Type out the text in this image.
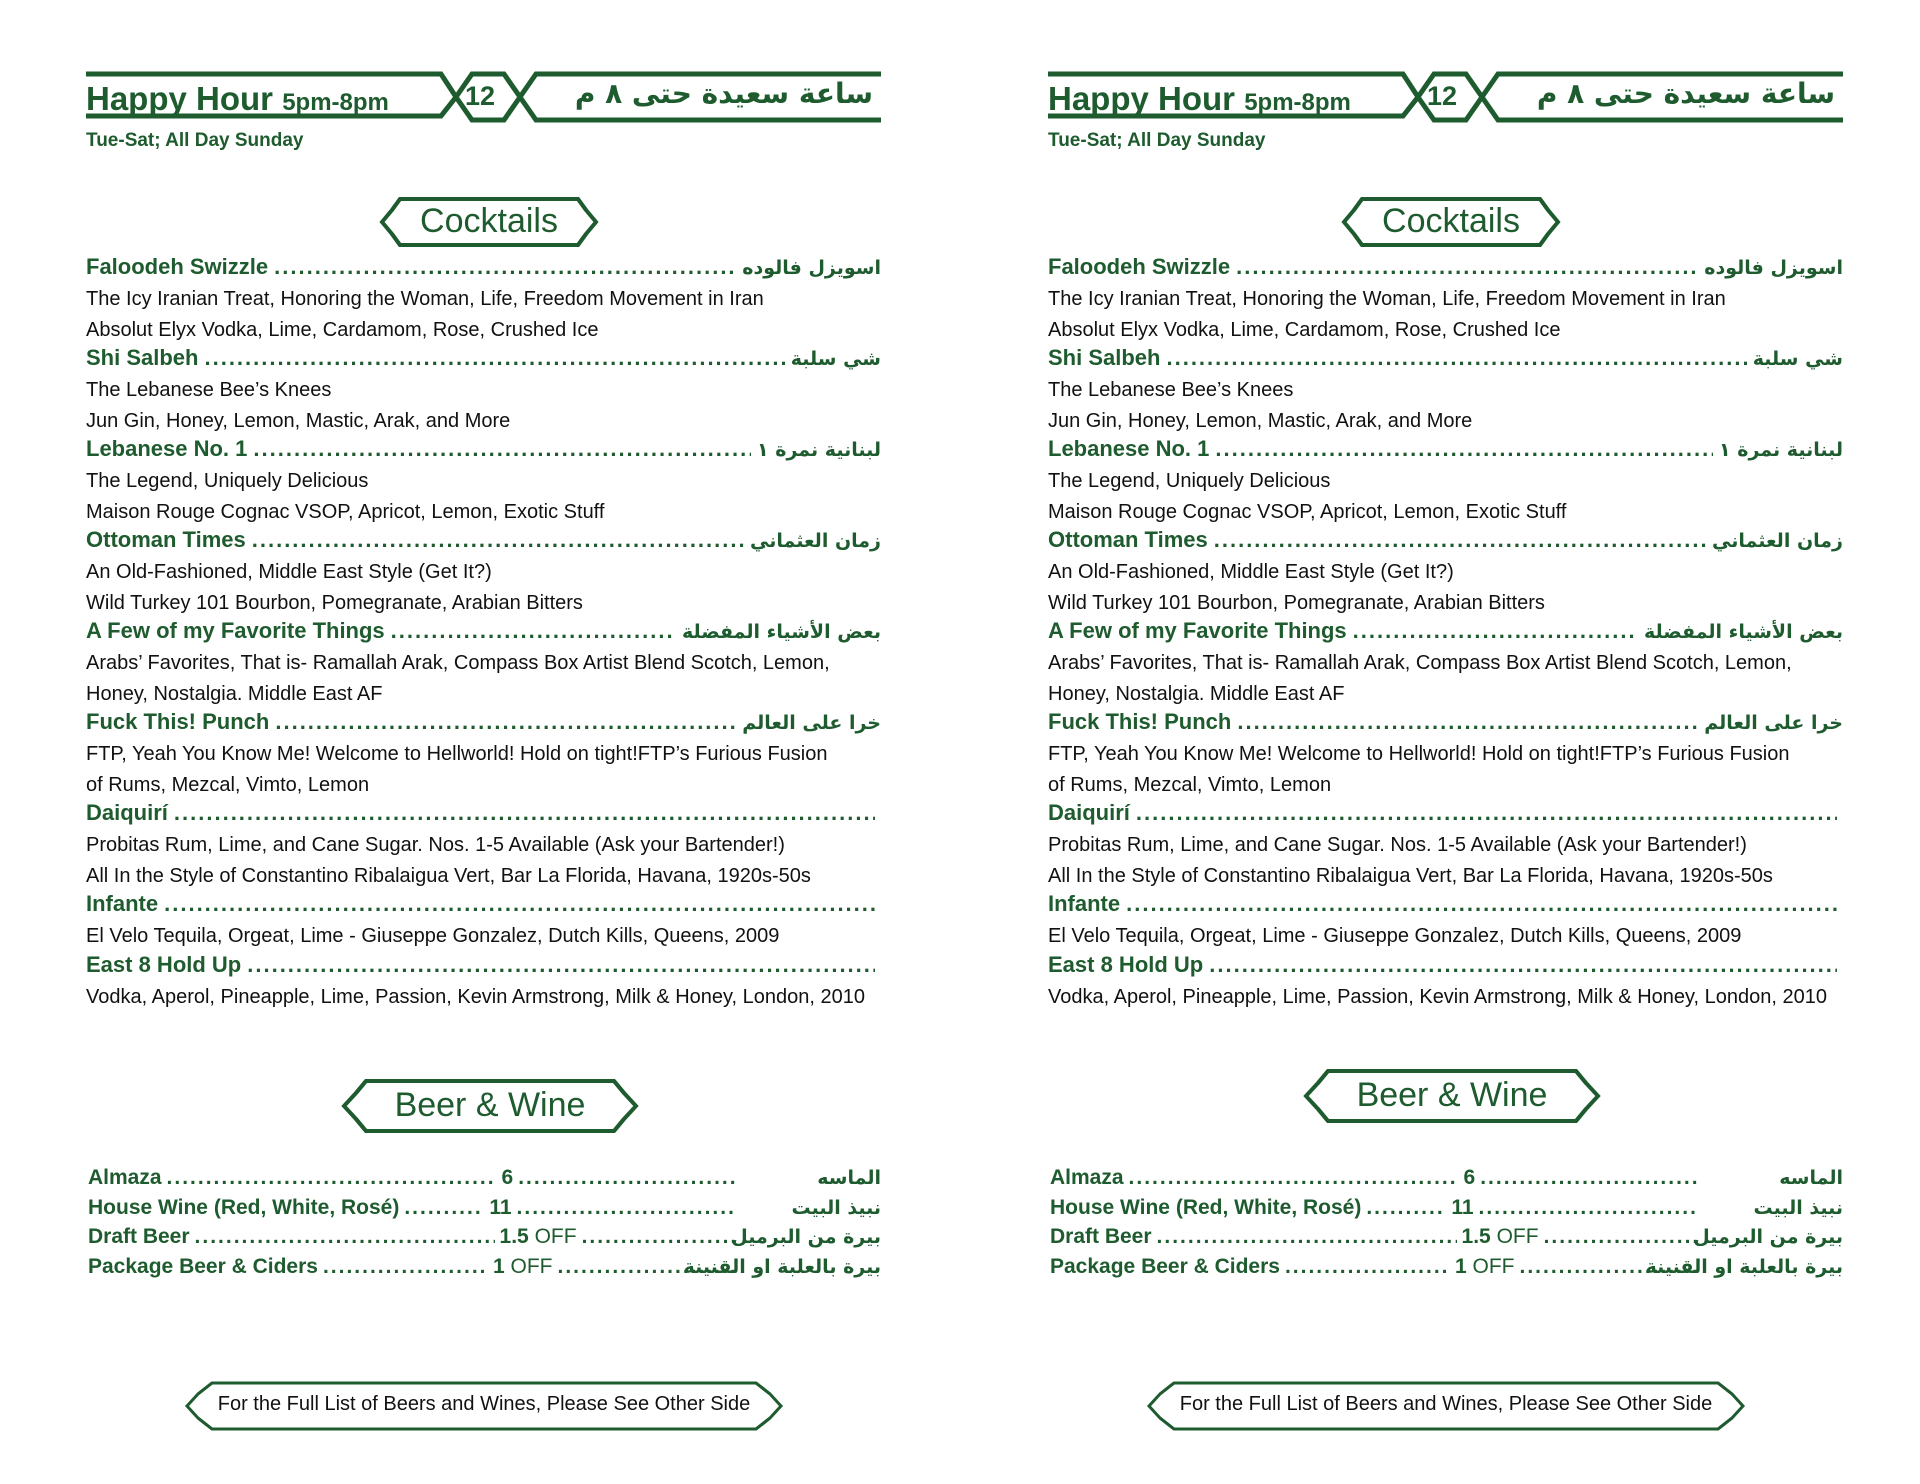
Happy Hour 5pm-8pm	12	ساعة سعيدة حتى ٨ م
Tue-Sat; All Day Sunday
Cocktails
Faloodeh Swizzle .....	اسويزل فالوده
The Icy Iranian Treat, Honoring the Woman, Life, Freedom Movement in Iran
Absolut Elyx Vodka, Lime, Cardamom, Rose, Crushed Ice
Shi Salbeh .....	شي سلبة
The Lebanese Bee’s Knees
Jun Gin, Honey, Lemon, Mastic, Arak, and More
Lebanese No. 1 .....	لبنانية نمرة ١
The Legend, Uniquely Delicious
Maison Rouge Cognac VSOP, Apricot, Lemon, Exotic Stuff
Ottoman Times .....	زمان العثماني
An Old-Fashioned, Middle East Style (Get It?)
Wild Turkey 101 Bourbon, Pomegranate, Arabian Bitters
A Few of my Favorite Things .....	بعض الأشياء المفضلة
Arabs’ Favorites, That is- Ramallah Arak, Compass Box Artist Blend Scotch, Lemon,
Honey, Nostalgia. Middle East AF
Fuck This! Punch .....	خرا على العالم
FTP, Yeah You Know Me! Welcome to Hellworld! Hold on tight!FTP’s Furious Fusion
of Rums, Mezcal, Vimto, Lemon
Daiquirí
.....
Probitas Rum, Lime, and Cane Sugar. Nos. 1-5 Available (Ask your Bartender!)
All In the Style of Constantino Ribalaigua Vert, Bar La Florida, Havana, 1920s-50s
Infante
.....
El Velo Tequila, Orgeat, Lime - Giuseppe Gonzalez, Dutch Kills, Queens, 2009
East 8 Hold Up
.....
Vodka, Aperol, Pineapple, Lime, Passion, Kevin Armstrong, Milk & Honey, London, 2010
Beer & Wine
Almaza .....	6 .....	الماسه
House Wine (Red, White, Rosé) .....	11 .....	نبيذ البيت
Draft Beer .....	1.5 OFF .....	بيرة من البرميل
Package Beer & Ciders .....	1 OFF .....	بيرة بالعلبة او القنينة
For the Full List of Beers and Wines, Please See Other Side
Happy Hour 5pm-8pm	12	ساعة سعيدة حتى ٨ م
Tue-Sat; All Day Sunday
Cocktails
Faloodeh Swizzle .....	اسويزل فالوده
The Icy Iranian Treat, Honoring the Woman, Life, Freedom Movement in Iran
Absolut Elyx Vodka, Lime, Cardamom, Rose, Crushed Ice
Shi Salbeh .....	شي سلبة
The Lebanese Bee’s Knees
Jun Gin, Honey, Lemon, Mastic, Arak, and More
Lebanese No. 1 .....	لبنانية نمرة ١
The Legend, Uniquely Delicious
Maison Rouge Cognac VSOP, Apricot, Lemon, Exotic Stuff
Ottoman Times .....	زمان العثماني
An Old-Fashioned, Middle East Style (Get It?)
Wild Turkey 101 Bourbon, Pomegranate, Arabian Bitters
A Few of my Favorite Things .....	بعض الأشياء المفضلة
Arabs’ Favorites, That is- Ramallah Arak, Compass Box Artist Blend Scotch, Lemon,
Honey, Nostalgia. Middle East AF
Fuck This! Punch .....	خرا على العالم
FTP, Yeah You Know Me! Welcome to Hellworld! Hold on tight!FTP’s Furious Fusion
of Rums, Mezcal, Vimto, Lemon
Daiquirí
.....
Probitas Rum, Lime, and Cane Sugar. Nos. 1-5 Available (Ask your Bartender!)
All In the Style of Constantino Ribalaigua Vert, Bar La Florida, Havana, 1920s-50s
Infante
.....
El Velo Tequila, Orgeat, Lime - Giuseppe Gonzalez, Dutch Kills, Queens, 2009
East 8 Hold Up
.....
Vodka, Aperol, Pineapple, Lime, Passion, Kevin Armstrong, Milk & Honey, London, 2010
Beer & Wine
Almaza .....	6 .....	الماسه
House Wine (Red, White, Rosé) .....	11 .....	نبيذ البيت
Draft Beer .....	1.5 OFF .....	بيرة من البرميل
Package Beer & Ciders .....	1 OFF .....	بيرة بالعلبة او القنينة
For the Full List of Beers and Wines, Please See Other Side
